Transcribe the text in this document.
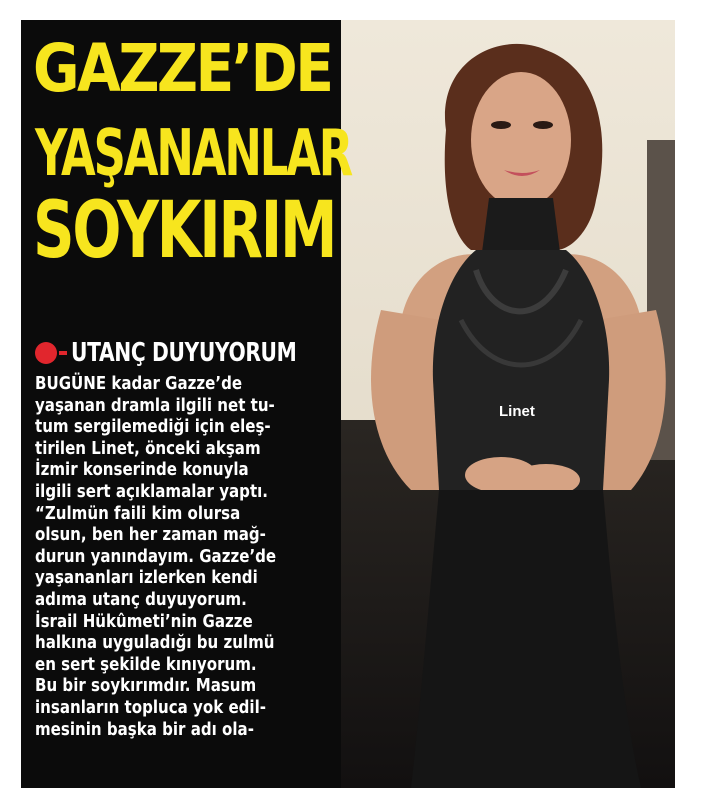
Linet
GAZZE’DE
YAŞANANLAR
SOYKIRIM
UTANÇ DUYUYORUM
BUGÜNE kadar Gazze’de
yaşanan dramla ilgili net tu-
tum sergilemediği için eleş-
tirilen Linet, önceki akşam
İzmir konserinde konuyla
ilgili sert açıklamalar yaptı.
“Zulmün faili kim olursa
olsun, ben her zaman mağ-
durun yanındayım. Gazze’de
yaşananları izlerken kendi
adıma utanç duyuyorum.
İsrail Hükûmeti’nin Gazze
halkına uyguladığı bu zulmü
en sert şekilde kınıyorum.
Bu bir soykırımdır. Masum
insanların topluca yok edil-
mesinin başka bir adı ola-
